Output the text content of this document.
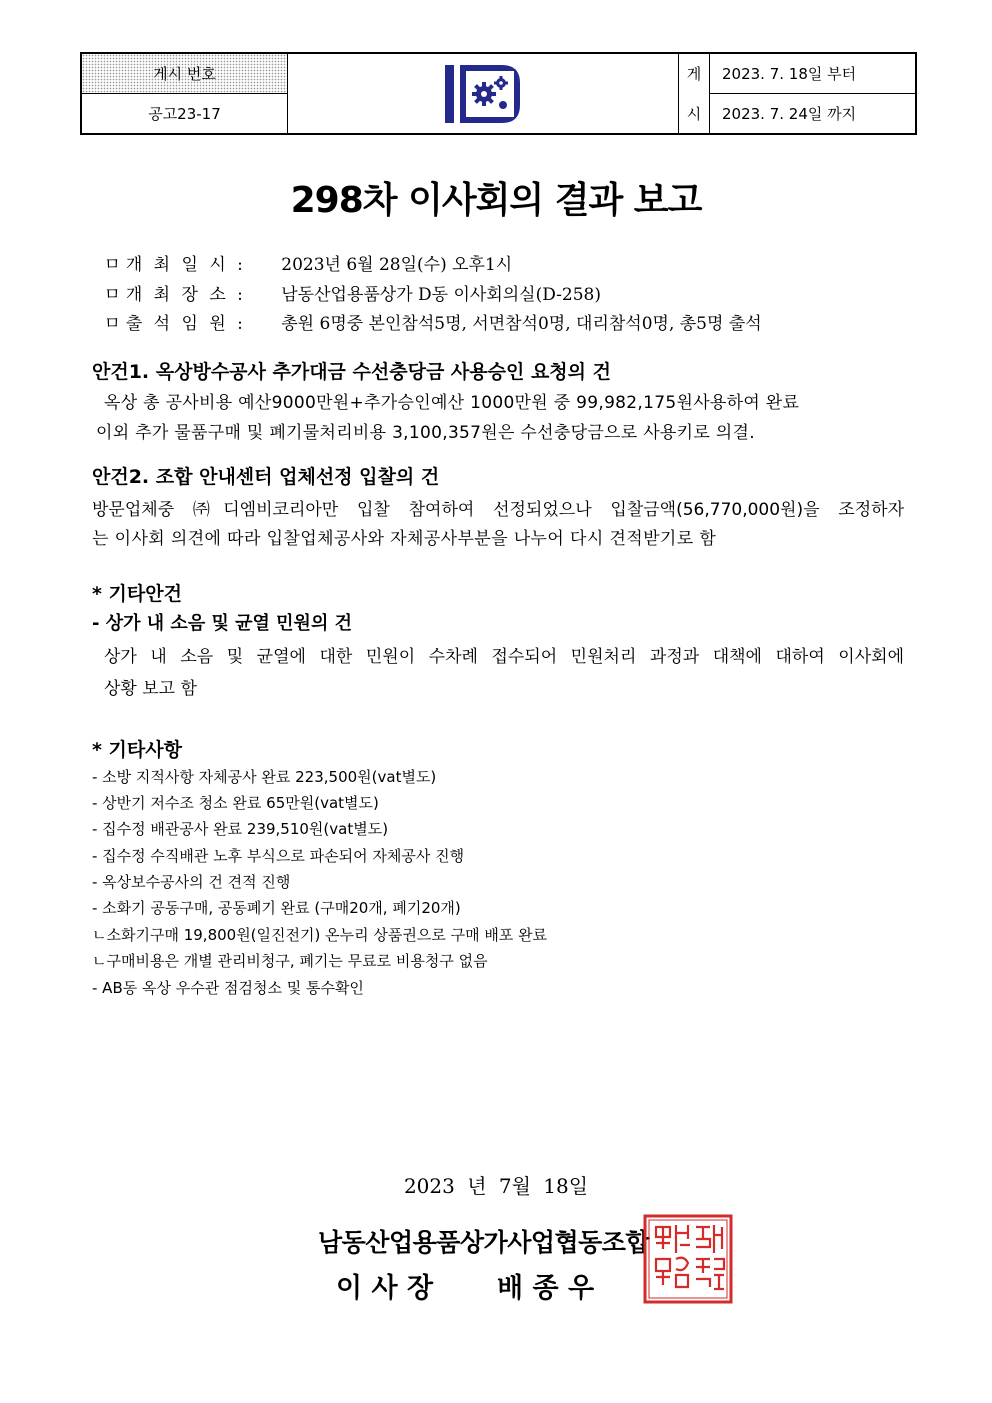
게시 번호
공고23-17
게
시
2023. 7. 18일 부터
2023. 7. 24일 까지
298차 이사회의 결과 보고
ㅁ 개 최 일 시 : 2023년 6월 28일(수) 오후1시
ㅁ 개 최 장 소 : 남동산업용품상가 D동 이사회의실(D-258)
ㅁ 출 석 임 원 : 총원 6명중 본인참석5명, 서면참석0명, 대리참석0명, 총5명 출석
안건1. 옥상방수공사 추가대금 수선충당금 사용승인 요청의 건
옥상 총 공사비용 예산9000만원+추가승인예산 1000만원 중 99,982,175원사용하여 완료
이외 추가 물품구매 및 폐기물처리비용 3,100,357원은 수선충당금으로 사용키로 의결.
안건2. 조합 안내센터 업체선정 입찰의 건
방문업체중 ㈜디엠비코리아만 입찰 참여하여 선정되었으나 입찰금액(56,770,000원)을 조정하자
는 이사회 의견에 따라 입찰업체공사와 자체공사부분을 나누어 다시 견적받기로 함
* 기타안건
- 상가 내 소음 및 균열 민원의 건
상가 내 소음 및 균열에 대한 민원이 수차례 접수되어 민원처리 과정과 대책에 대하여 이사회에
상황 보고 함
* 기타사항
- 소방 지적사항 자체공사 완료 223,500원(vat별도)
- 상반기 저수조 청소 완료 65만원(vat별도)
- 집수정 배관공사 완료 239,510원(vat별도)
- 집수정 수직배관 노후 부식으로 파손되어 자체공사 진행
- 옥상보수공사의 건 견적 진행
- 소화기 공동구매, 공동폐기 완료 (구매20개, 폐기20개)
ㄴ소화기구매 19,800원(일진전기) 온누리 상품권으로 구매 배포 완료
ㄴ구매비용은 개별 관리비청구, 폐기는 무료로 비용청구 없음
- AB동 옥상 우수관 점검청소 및 통수확인
2023 년 7월 18일
남동산업용품상가사업협동조합
이 사 장 배 종 우
